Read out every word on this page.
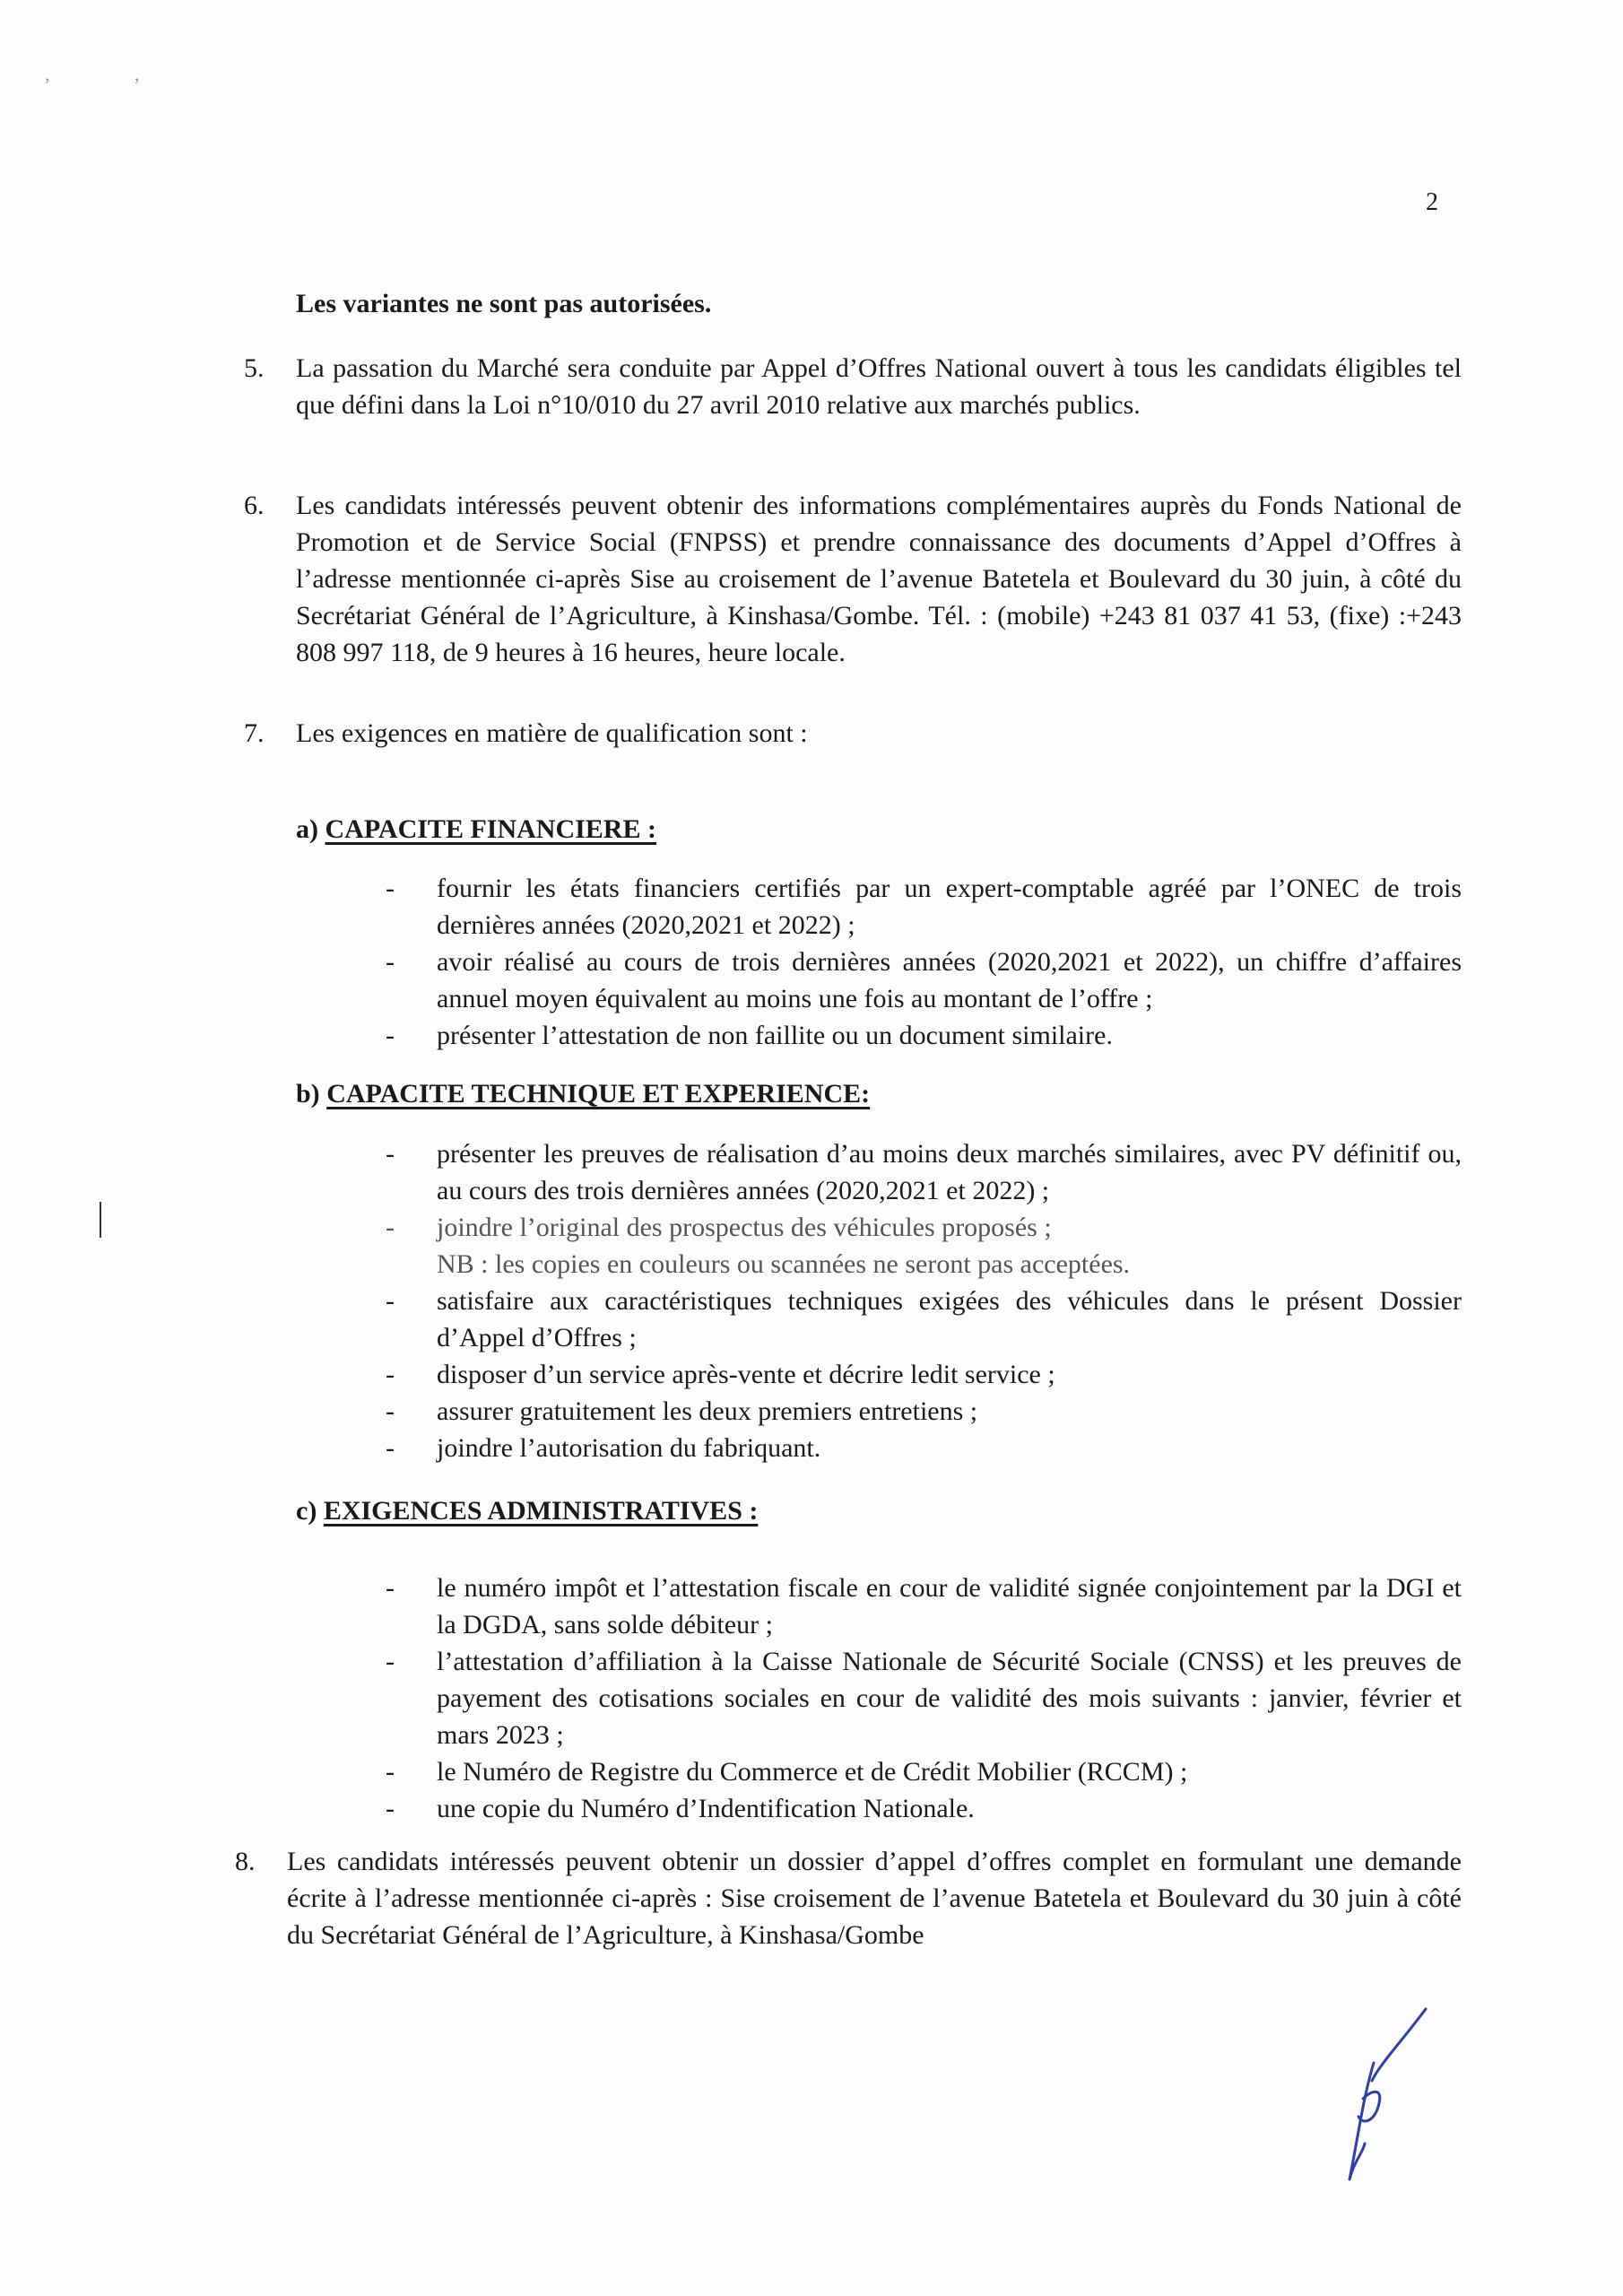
,	,
2
Les variantes ne sont pas autorisées.
5. La passation du Marché sera conduite par Appel d’Offres National ouvert à tous les candidats éligibles tel que défini dans la Loi n°10/010 du 27 avril 2010 relative aux marchés publics.
6. Les candidats intéressés peuvent obtenir des informations complémentaires auprès du Fonds National de Promotion et de Service Social (FNPSS) et prendre connaissance des documents d’Appel d’Offres à l’adresse mentionnée ci-après Sise au croisement de l’avenue Batetela et Boulevard du 30 juin, à côté du Secrétariat Général de l’Agriculture, à Kinshasa/Gombe. Tél. : (mobile) +243 81 037 41 53, (fixe) :+243 808 997 118, de 9 heures à 16 heures, heure locale.
7. Les exigences en matière de qualification sont :
a) CAPACITE FINANCIERE :
- fournir les états financiers certifiés par un expert-comptable agréé par l’ONEC de trois dernières années (2020,2021 et 2022) ;
- avoir réalisé au cours de trois dernières années (2020,2021 et 2022), un chiffre d’affaires annuel moyen équivalent au moins une fois au montant de l’offre ;
- présenter l’attestation de non faillite ou un document similaire.
b) CAPACITE TECHNIQUE ET EXPERIENCE:
- présenter les preuves de réalisation d’au moins deux marchés similaires, avec PV définitif ou, au cours des trois dernières années (2020,2021 et 2022) ;
- joindre l’original des prospectus des véhicules proposés ;
NB : les copies en couleurs ou scannées ne seront pas acceptées.
- satisfaire aux caractéristiques techniques exigées des véhicules dans le présent Dossier d’Appel d’Offres ;
- disposer d’un service après-vente et décrire ledit service ;
- assurer gratuitement les deux premiers entretiens ;
- joindre l’autorisation du fabriquant.
c) EXIGENCES ADMINISTRATIVES :
- le numéro impôt et l’attestation fiscale en cour de validité signée conjointement par la DGI et la DGDA, sans solde débiteur ;
- l’attestation d’affiliation à la Caisse Nationale de Sécurité Sociale (CNSS) et les preuves de payement des cotisations sociales en cour de validité des mois suivants : janvier, février et mars 2023 ;
- le Numéro de Registre du Commerce et de Crédit Mobilier (RCCM) ;
- une copie du Numéro d’Indentification Nationale.
8. Les candidats intéressés peuvent obtenir un dossier d’appel d’offres complet en formulant une demande écrite à l’adresse mentionnée ci-après : Sise croisement de l’avenue Batetela et Boulevard du 30 juin à côté du Secrétariat Général de l’Agriculture, à Kinshasa/Gombe
